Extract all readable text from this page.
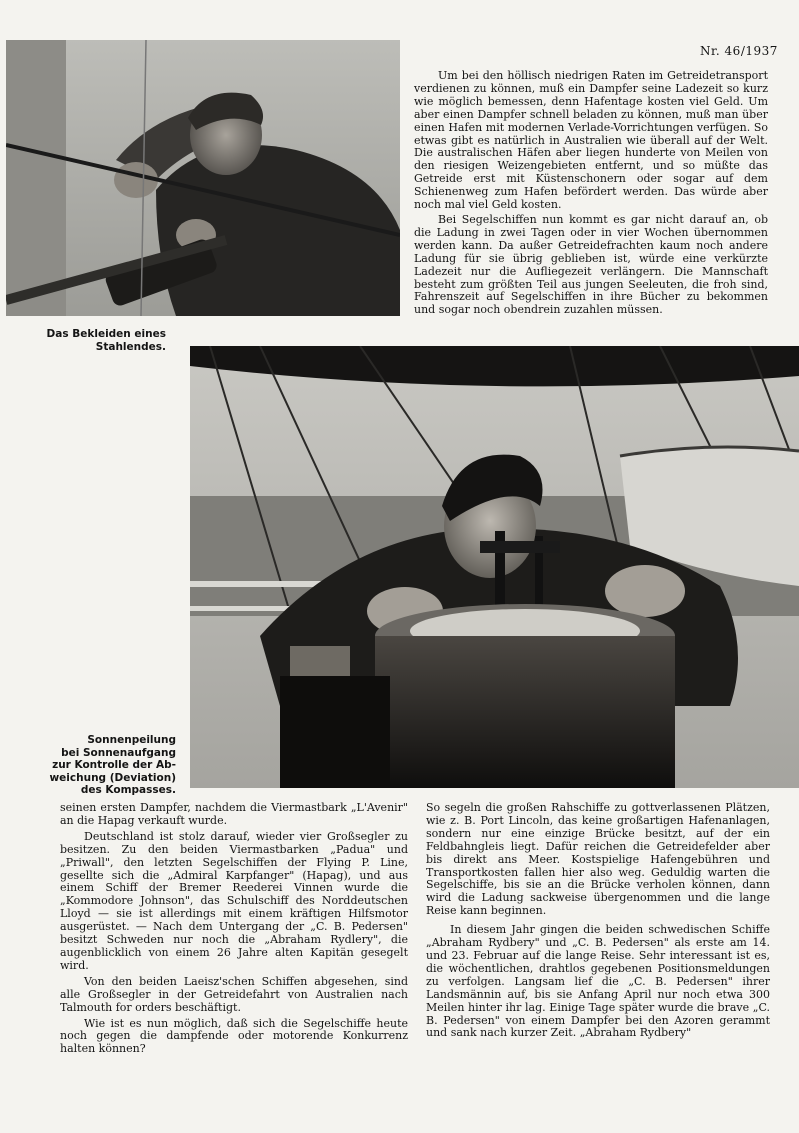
Nr. 46/1937
Das Bekleiden eines
Stahlendes.

Um bei den höllisch niedrigen Raten im Getreidetransport verdienen zu können, muß ein Dampfer seine Ladezeit so kurz wie möglich bemessen, denn Hafentage kosten viel Geld. Um aber einen Dampfer schnell beladen zu können, muß man über einen Hafen mit modernen Verlade-Vorrichtungen verfügen. So etwas gibt es natürlich in Australien wie überall auf der Welt. Die australischen Häfen aber liegen hunderte von Meilen von den riesigen Weizengebieten entfernt, und so müßte das Getreide erst mit Küstenschonern oder sogar auf dem Schienenweg zum Hafen befördert werden. Das würde aber noch mal viel Geld kosten.

Bei Segelschiffen nun kommt es gar nicht darauf an, ob die Ladung in zwei Tagen oder in vier Wochen übernommen werden kann. Da außer Getreidefrachten kaum noch andere Ladung für sie übrig geblieben ist, würde eine verkürzte Ladezeit nur die Aufliegezeit verlängern. Die Mannschaft besteht zum größten Teil aus jungen Seeleuten, die froh sind, Fahrenszeit auf Segelschiffen in ihre Bücher zu bekommen und sogar noch obendrein zuzahlen müssen.

Sonnenpeilung
bei Sonnenaufgang
zur Kontrolle der Ab-
weichung (Deviation)
des Kompasses.

seinen ersten Dampfer, nachdem die Viermastbark „L'Avenir" an die Hapag verkauft wurde.

Deutschland ist stolz darauf, wieder vier Großsegler zu besitzen. Zu den beiden Viermastbarken „Padua" und „Priwall", den letzten Segelschiffen der Flying P. Line, gesellte sich die „Admiral Karpfanger" (Hapag), und aus einem Schiff der Bremer Reederei Vinnen wurde die „Kommodore Johnson", das Schulschiff des Norddeutschen Lloyd — sie ist allerdings mit einem kräftigen Hilfsmotor ausgerüstet. — Nach dem Untergang der „C. B. Pedersen" besitzt Schweden nur noch die „Abraham Rydlery", die augenblicklich von einem 26 Jahre alten Kapitän gesegelt wird.

Von den beiden Laeisz'schen Schiffen abgesehen, sind alle Großsegler in der Getreidefahrt von Australien nach Talmouth for orders beschäftigt.

Wie ist es nun möglich, daß sich die Segelschiffe heute noch gegen die dampfende oder motorende Konkurrenz halten können?

So segeln die großen Rahschiffe zu gottverlassenen Plätzen, wie z. B. Port Lincoln, das keine großartigen Hafenanlagen, sondern nur eine einzige Brücke besitzt, auf der ein Feldbahngleis liegt. Dafür reichen die Getreidefelder aber bis direkt ans Meer. Kostspielige Hafengebühren und Transportkosten fallen hier also weg. Geduldig warten die Segelschiffe, bis sie an die Brücke verholen können, dann wird die Ladung sackweise übergenommen und die lange Reise kann beginnen.

In diesem Jahr gingen die beiden schwedischen Schiffe „Abraham Rydbery" und „C. B. Pedersen" als erste am 14. und 23. Februar auf die lange Reise. Sehr interessant ist es, die wöchentlichen, drahtlos gegebenen Positionsmeldungen zu verfolgen. Langsam lief die „C. B. Pedersen" ihrer Landsmännin auf, bis sie Anfang April nur noch etwa 300 Meilen hinter ihr lag. Einige Tage später wurde die brave „C. B. Pedersen" von einem Dampfer bei den Azoren gerammt und sank nach kurzer Zeit. „Abraham Rydbery"
